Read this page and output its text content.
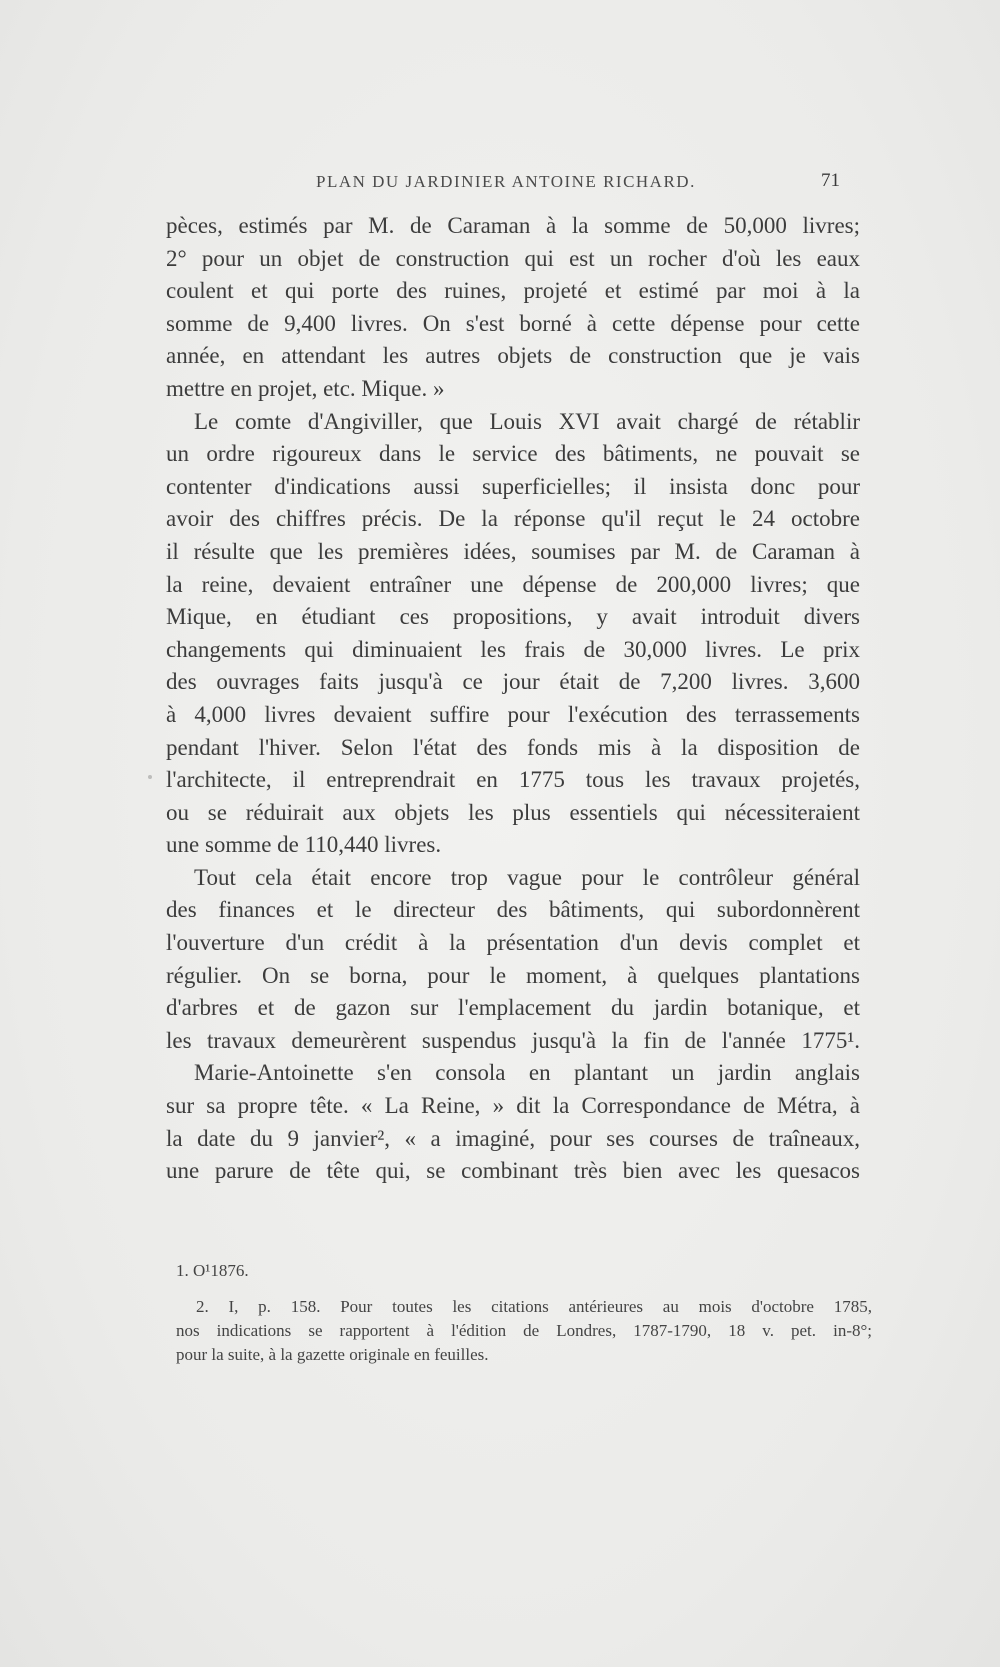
PLAN DU JARDINIER ANTOINE RICHARD.	71
pèces, estimés par M. de Caraman à la somme de 50,000 livres;
2° pour un objet de construction qui est un rocher d'où les eaux
coulent et qui porte des ruines, projeté et estimé par moi à la
somme de 9,400 livres. On s'est borné à cette dépense pour cette
année, en attendant les autres objets de construction que je vais
mettre en projet, etc. Mique. »
Le comte d'Angiviller, que Louis XVI avait chargé de rétablir
un ordre rigoureux dans le service des bâtiments, ne pouvait se
contenter d'indications aussi superficielles; il insista donc pour
avoir des chiffres précis. De la réponse qu'il reçut le 24 octobre
il résulte que les premières idées, soumises par M. de Caraman à
la reine, devaient entraîner une dépense de 200,000 livres; que
Mique, en étudiant ces propositions, y avait introduit divers
changements qui diminuaient les frais de 30,000 livres. Le prix
des ouvrages faits jusqu'à ce jour était de 7,200 livres. 3,600
à 4,000 livres devaient suffire pour l'exécution des terrassements
pendant l'hiver. Selon l'état des fonds mis à la disposition de
l'architecte, il entreprendrait en 1775 tous les travaux projetés,
ou se réduirait aux objets les plus essentiels qui nécessiteraient
une somme de 110,440 livres.
Tout cela était encore trop vague pour le contrôleur général
des finances et le directeur des bâtiments, qui subordonnèrent
l'ouverture d'un crédit à la présentation d'un devis complet et
régulier. On se borna, pour le moment, à quelques plantations
d'arbres et de gazon sur l'emplacement du jardin botanique, et
les travaux demeurèrent suspendus jusqu'à la fin de l'année 1775¹.
Marie-Antoinette s'en consola en plantant un jardin anglais
sur sa propre tête. « La Reine, » dit la Correspondance de Métra, à
la date du 9 janvier², « a imaginé, pour ses courses de traîneaux,
une parure de tête qui, se combinant très bien avec les quesacos
1. O¹1876.
2. I, p. 158. Pour toutes les citations antérieures au mois d'octobre 1785,
nos indications se rapportent à l'édition de Londres, 1787-1790, 18 v. pet. in-8°;
pour la suite, à la gazette originale en feuilles.
